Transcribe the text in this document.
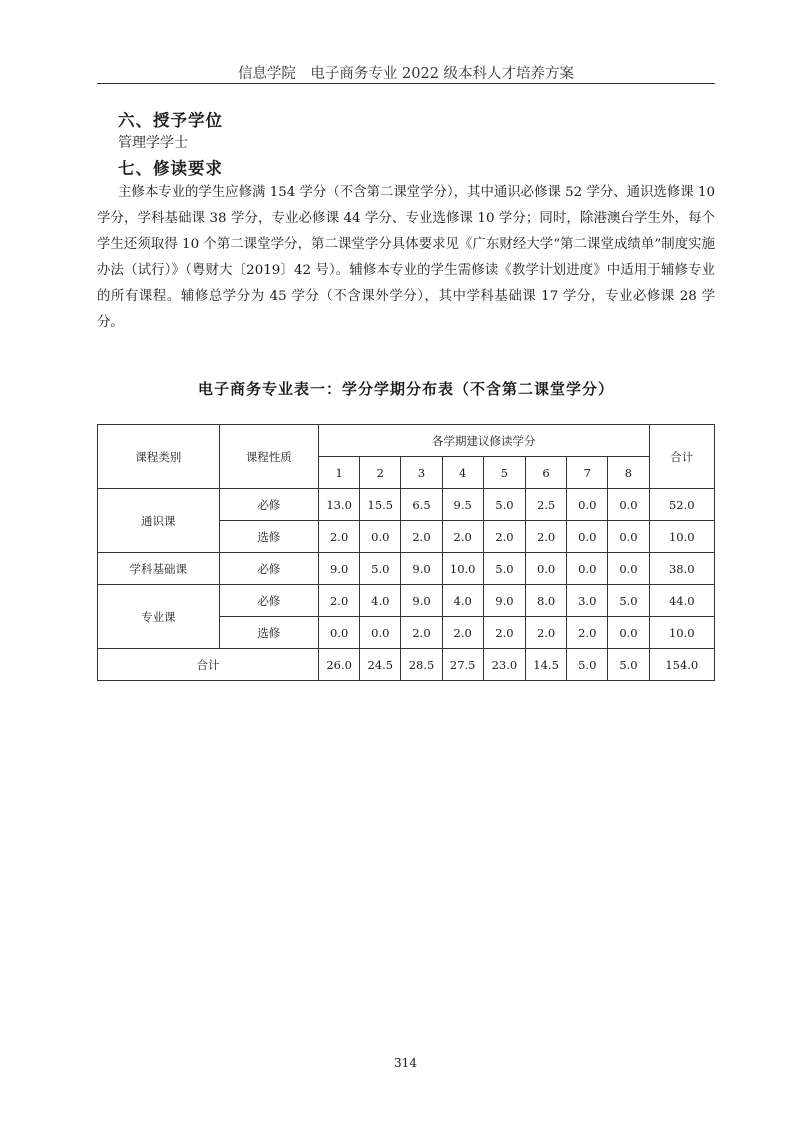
信息学院　电子商务专业 2022 级本科人才培养方案
六、授予学位
管理学学士
七、修读要求

主修本专业的学生应修满 154 学分（不含第二课堂学分），其中通识必修课 52 学分、通识选修课 10 学分，学科基础课 38 学分，专业必修课 44 学分、专业选修课 10 学分；同时，除港澳台学生外，每个学生还须取得 10 个第二课堂学分，第二课堂学分具体要求见《广东财经大学“第二课堂成绩单”制度实施办法（试行）》（粤财大〔2019〕42 号）。辅修本专业的学生需修读《教学计划进度》中适用于辅修专业的所有课程。辅修总学分为 45 学分（不含课外学分），其中学科基础课 17 学分，专业必修课 28 学分。

电子商务专业表一：学分学期分布表（不含第二课堂学分）
课程类别	课程性质	各学期建议修读学分								合计
		1	2	3	4	5	6	7	8	
通识课	必修	13.0	15.5	6.5	9.5	5.0	2.5	0.0	0.0	52.0
	选修	2.0	0.0	2.0	2.0	2.0	2.0	0.0	0.0	10.0
学科基础课	必修	9.0	5.0	9.0	10.0	5.0	0.0	0.0	0.0	38.0
专业课	必修	2.0	4.0	9.0	4.0	9.0	8.0	3.0	5.0	44.0
	选修	0.0	0.0	2.0	2.0	2.0	2.0	2.0	0.0	10.0
合计		26.0	24.5	28.5	27.5	23.0	14.5	5.0	5.0	154.0
314
